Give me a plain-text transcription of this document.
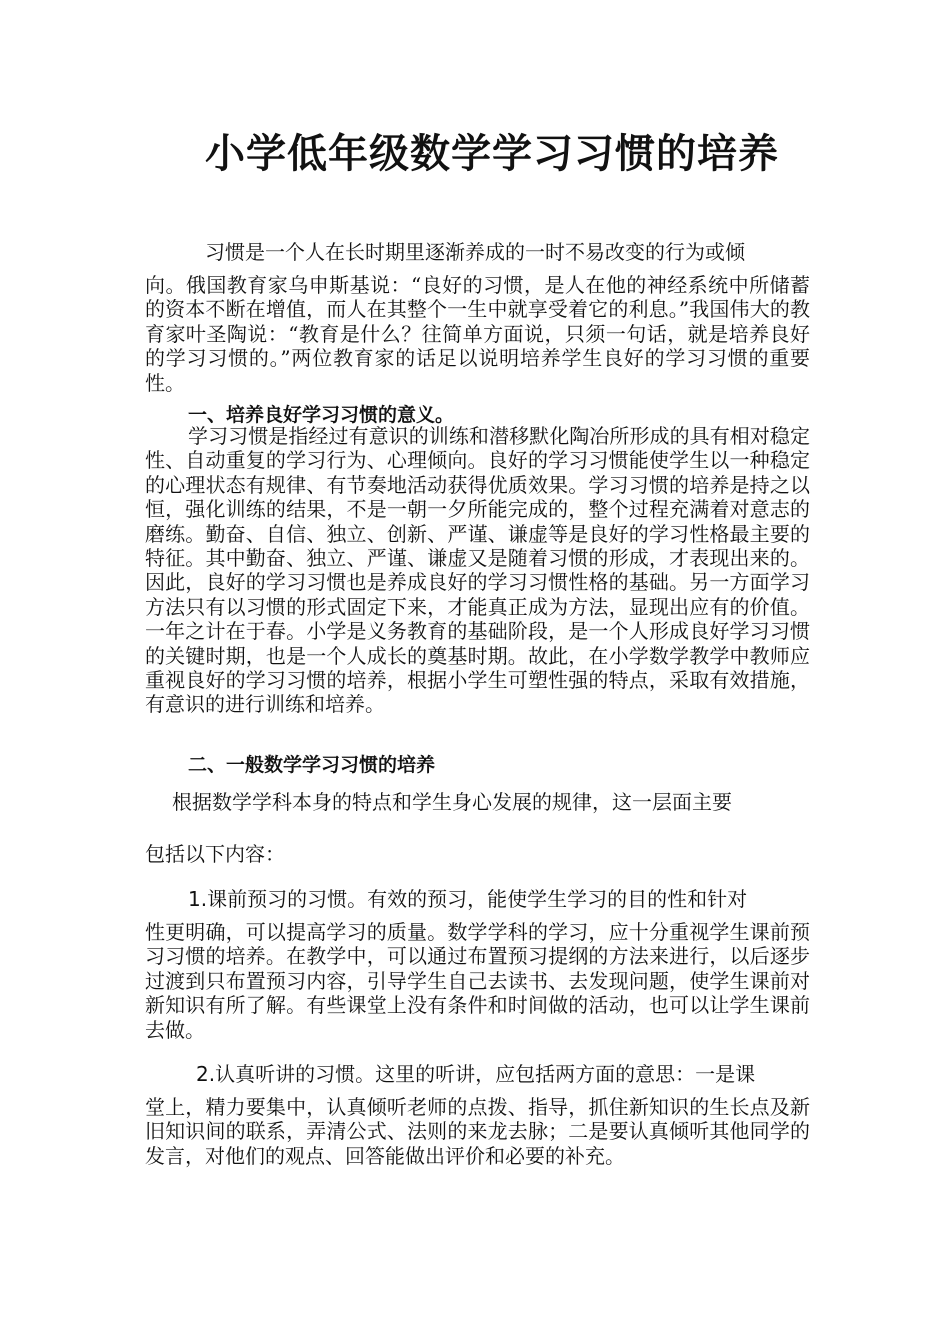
小学低年级数学学习习惯的培养
习惯是一个人在长时期里逐渐养成的一时不易改变的行为或倾

向。俄国教育家乌申斯基说：“良好的习惯，是人在他的神经系统中所储蓄的资本不断在增值，而人在其整个一生中就享受着它的利息。”我国伟大的教育家叶圣陶说：“教育是什么？往简单方面说，只须一句话，就是培养良好的学习习惯的。”两位教育家的话足以说明培养学生良好的学习习惯的重要性。

一、培养良好学习习惯的意义。

学习习惯是指经过有意识的训练和潜移默化陶冶所形成的具有相对稳定性、自动重复的学习行为、心理倾向。良好的学习习惯能使学生以一种稳定的心理状态有规律、有节奏地活动获得优质效果。学习习惯的培养是持之以恒，强化训练的结果，不是一朝一夕所能完成的，整个过程充满着对意志的磨练。勤奋、自信、独立、创新、严谨、谦虚等是良好的学习性格最主要的特征。其中勤奋、独立、严谨、谦虚又是随着习惯的形成，才表现出来的。因此，良好的学习习惯也是养成良好的学习习惯性格的基础。另一方面学习方法只有以习惯的形式固定下来，才能真正成为方法，显现出应有的价值。一年之计在于春。小学是义务教育的基础阶段，是一个人形成良好学习习惯的关键时期，也是一个人成长的奠基时期。故此，在小学数学教学中教师应重视良好的学习习惯的培养，根据小学生可塑性强的特点，采取有效措施，有意识的进行训练和培养。

二、一般数学学习习惯的培养
根据数学学科本身的特点和学生身心发展的规律，这一层面主要
包括以下内容：
1.课前预习的习惯。有效的预习，能使学生学习的目的性和针对

性更明确，可以提高学习的质量。数学学科的学习，应十分重视学生课前预习习惯的培养。在教学中，可以通过布置预习提纲的方法来进行，以后逐步过渡到只布置预习内容，引导学生自己去读书、去发现问题，使学生课前对新知识有所了解。有些课堂上没有条件和时间做的活动，也可以让学生课前去做。

2.认真听讲的习惯。这里的听讲，应包括两方面的意思：一是课

堂上，精力要集中，认真倾听老师的点拨、指导，抓住新知识的生长点及新旧知识间的联系，弄清公式、法则的来龙去脉；二是要认真倾听其他同学的发言，对他们的观点、回答能做出评价和必要的补充。
